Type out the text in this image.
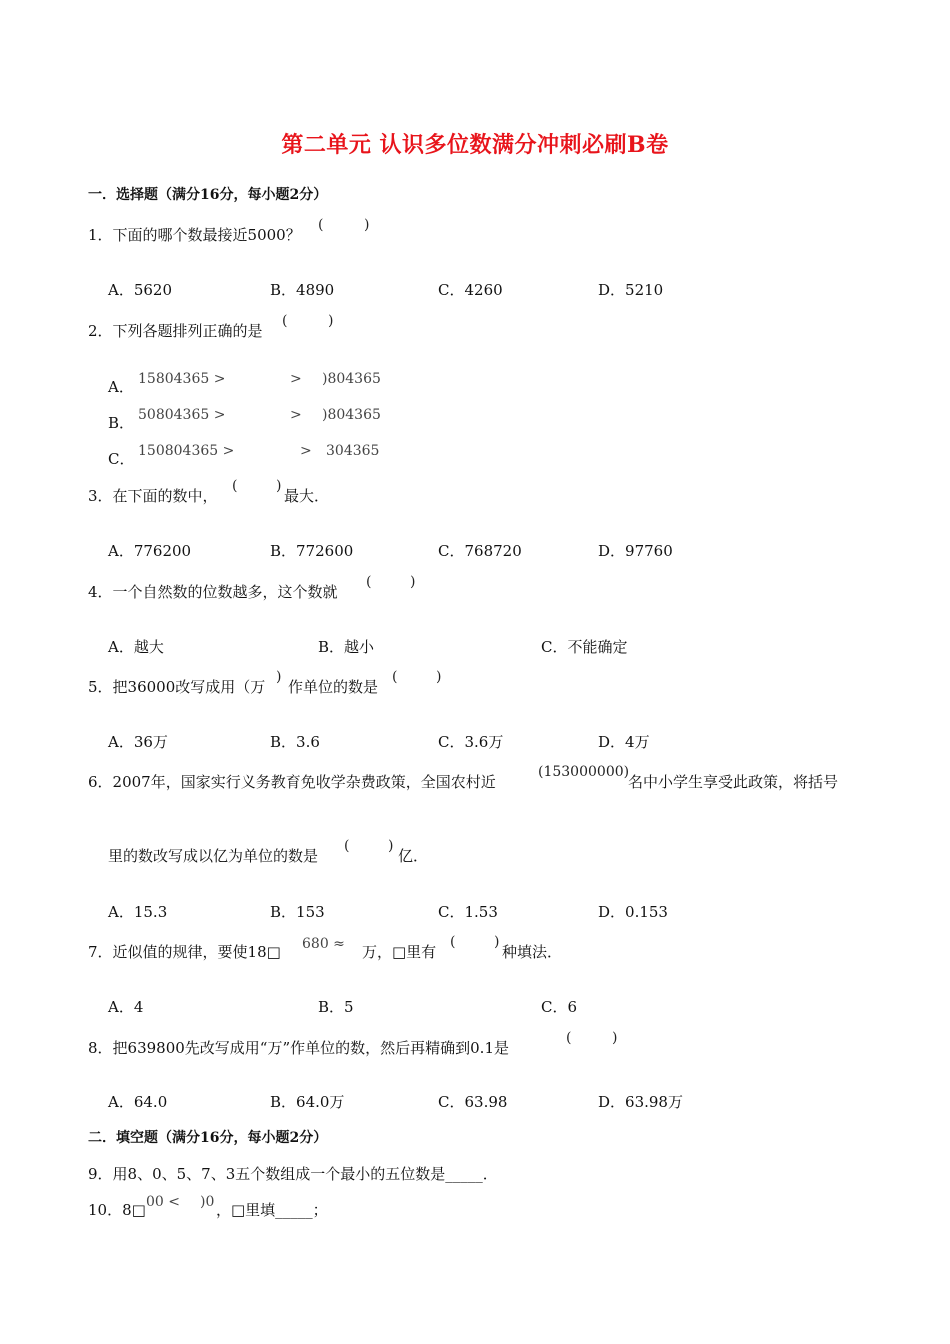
第二单元 认识多位数满分冲刺必刷B卷
一．选择题（满分16分，每小题2分）
1．下面的哪个数最接近5000？
(	)
A．5620	B．4890	C．4260	D．5210
2．下列各题排列正确的是
(	)
A． 15804365 >	> )804365
B． 50804365 >	> )804365
C． 150804365 >	> 304365
3．在下面的数中，
(	)
最大．
A．776200	B．772600	C．768720	D．97760
4．一个自然数的位数越多，这个数就
(	)
A．越大	B．越小	C．不能确定
5．把36000改写成用（万
)
作单位的数是
(	)
A．36万	B．3.6	C．3.6万	D．4万
6．2007年，国家实行义务教育免收学杂费政策，全国农村近
(153000000)
名中小学生享受此政策，将括号
里的数改写成以亿为单位的数是
(	)
亿．
A．15.3	B．153	C．1.53	D．0.153
7．近似值的规律，要使18□ 680 ≈ 万，□里有
(	)
种填法．
A．4	B．5	C．6
8．把639800先改写成用“万”作单位的数，然后再精确到0.1是
(	)
A．64.0	B．64.0万	C．63.98	D．63.98万
二．填空题（满分16分，每小题2分）
9．用8、0、5、7、3五个数组成一个最小的五位数是_____．
10．8□ 00 < )0 ，□里填_____；
